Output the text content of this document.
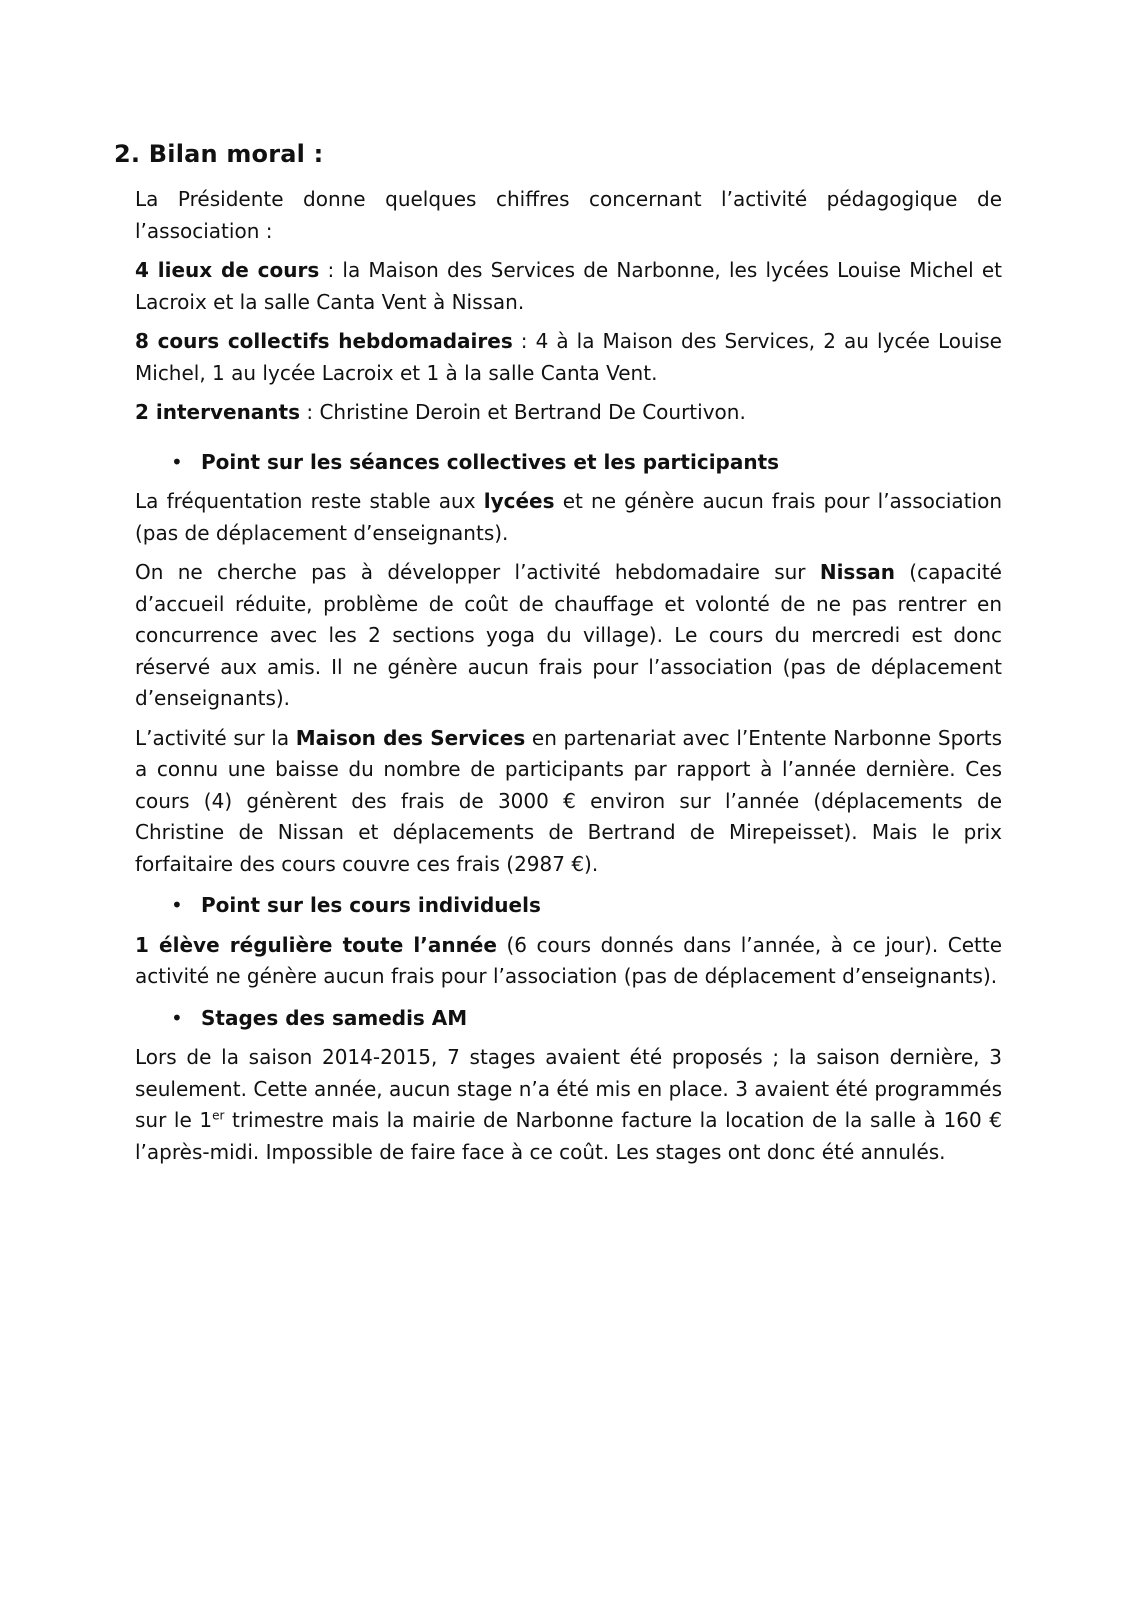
2. Bilan moral :

La Présidente donne quelques chiffres concernant l’activité pédagogique de l’association :

4 lieux de cours : la Maison des Services de Narbonne, les lycées Louise Michel et Lacroix et la salle Canta Vent à Nissan.

8 cours collectifs hebdomadaires : 4 à la Maison des Services, 2 au lycée Louise Michel, 1 au lycée Lacroix et 1 à la salle Canta Vent.

2 intervenants : Christine Deroin et Bertrand De Courtivon.

• Point sur les séances collectives et les participants

La fréquentation reste stable aux lycées et ne génère aucun frais pour l’association (pas de déplacement d’enseignants).

On ne cherche pas à développer l’activité hebdomadaire sur Nissan (capacité d’accueil réduite, problème de coût de chauffage et volonté de ne pas rentrer en concurrence avec les 2 sections yoga du village). Le cours du mercredi est donc réservé aux amis. Il ne génère aucun frais pour l’association (pas de déplacement d’enseignants).

L’activité sur la Maison des Services en partenariat avec l’Entente Narbonne Sports a connu une baisse du nombre de participants par rapport à l’année dernière. Ces cours (4) génèrent des frais de 3000 € environ sur l’année (déplacements de Christine de Nissan et déplacements de Bertrand de Mirepeisset). Mais le prix forfaitaire des cours couvre ces frais (2987 €).

• Point sur les cours individuels

1 élève régulière toute l’année (6 cours donnés dans l’année, à ce jour). Cette activité ne génère aucun frais pour l’association (pas de déplacement d’enseignants).

• Stages des samedis AM

Lors de la saison 2014-2015, 7 stages avaient été proposés ; la saison dernière, 3 seulement. Cette année, aucun stage n’a été mis en place. 3 avaient été programmés sur le 1er trimestre mais la mairie de Narbonne facture la location de la salle à 160 € l’après-midi. Impossible de faire face à ce coût. Les stages ont donc été annulés.
